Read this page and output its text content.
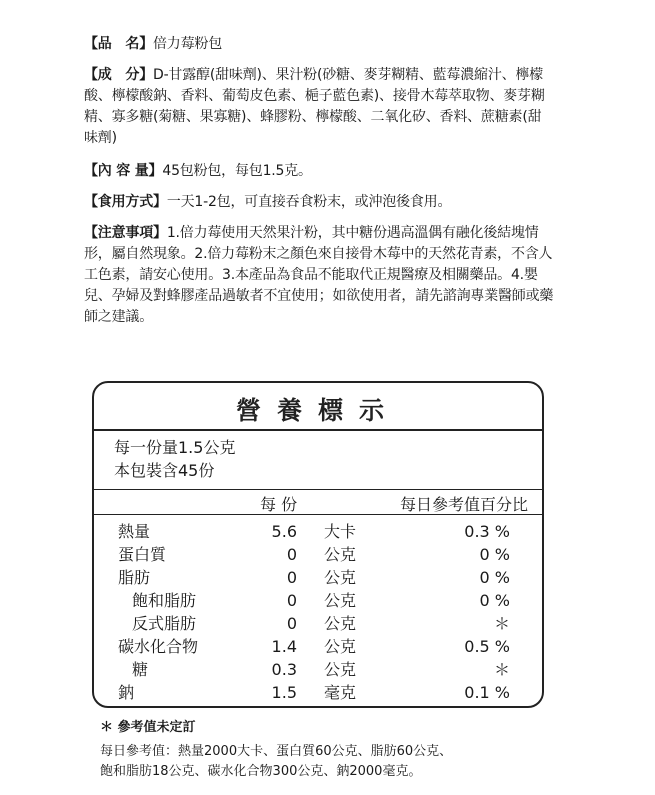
【品　名】倍力莓粉包

【成　分】D-甘露醇(甜味劑)、果汁粉(砂糖、麥芽糊精、藍莓濃縮汁、檸檬酸、檸檬酸鈉、香料、葡萄皮色素、梔子藍色素)、接骨木莓萃取物、麥芽糊精、寡多糖(菊糖、果寡糖)、蜂膠粉、檸檬酸、二氧化矽、香料、蔗糖素(甜味劑)

【內 容 量】45包粉包，每包1.5克。

【食用方式】一天1-2包，可直接吞食粉末，或沖泡後食用。

【注意事項】1.倍力莓使用天然果汁粉，其中糖份遇高溫偶有融化後結塊情形，屬自然現象。2.倍力莓粉末之顏色來自接骨木莓中的天然花青素，不含人工色素，請安心使用。3.本產品為食品不能取代正規醫療及相關藥品。4.嬰兒、孕婦及對蜂膠產品過敏者不宜使用；如欲使用者，請先諮詢專業醫師或藥師之建議。

營養標示
每一份量1.5公克
本包裝含45份
每 份	每日參考值百分比
熱量	5.6 大卡	0.3 %
蛋白質	0 公克	0 %
脂肪	0 公克	0 %
飽和脂肪	0 公克	0 %
反式脂肪	0 公克	＊
碳水化合物	1.4 公克	0.5 %
糖	0.3 公克	＊
鈉	1.5 毫克	0.1 %
＊ 參考值未定訂
每日參考值：熱量2000大卡、蛋白質60公克、脂肪60公克、
飽和脂肪18公克、碳水化合物300公克、鈉2000毫克。
